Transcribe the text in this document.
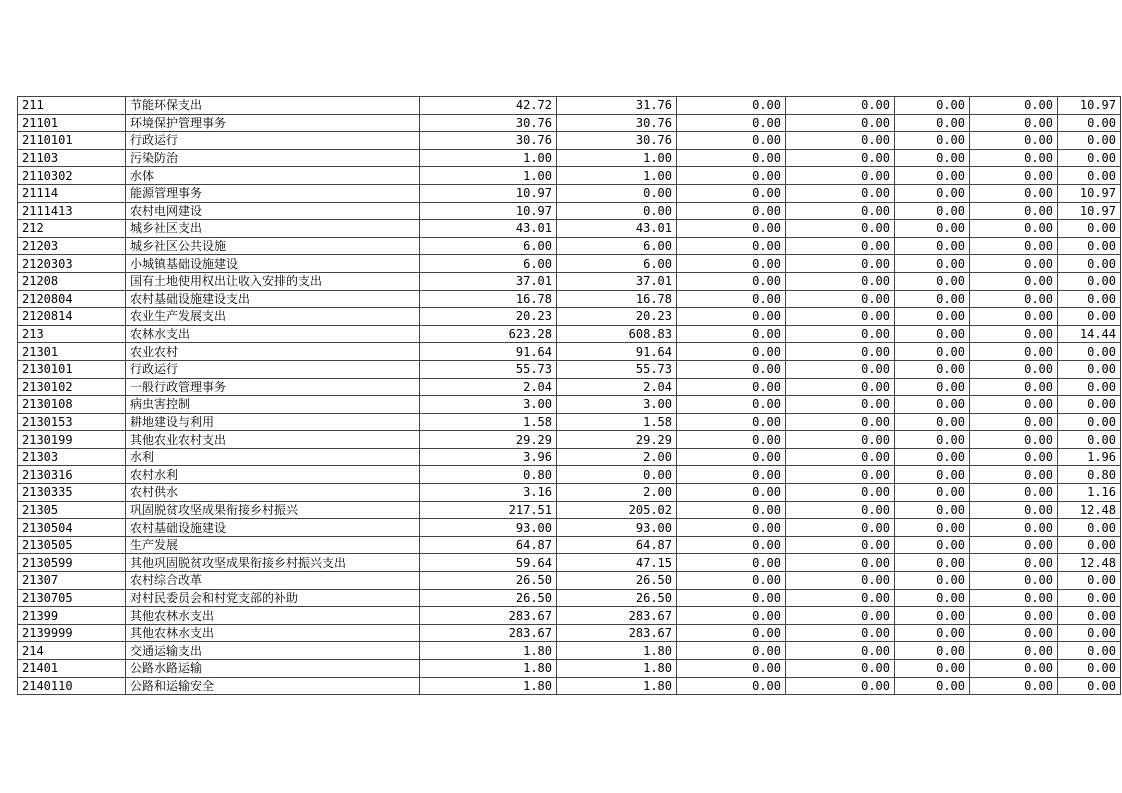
211	节能环保支出	42.72	31.76	0.00	0.00	0.00	0.00	10.97
21101	环境保护管理事务	30.76	30.76	0.00	0.00	0.00	0.00	0.00
2110101	行政运行	30.76	30.76	0.00	0.00	0.00	0.00	0.00
21103	污染防治	1.00	1.00	0.00	0.00	0.00	0.00	0.00
2110302	水体	1.00	1.00	0.00	0.00	0.00	0.00	0.00
21114	能源管理事务	10.97	0.00	0.00	0.00	0.00	0.00	10.97
2111413	农村电网建设	10.97	0.00	0.00	0.00	0.00	0.00	10.97
212	城乡社区支出	43.01	43.01	0.00	0.00	0.00	0.00	0.00
21203	城乡社区公共设施	6.00	6.00	0.00	0.00	0.00	0.00	0.00
2120303	小城镇基础设施建设	6.00	6.00	0.00	0.00	0.00	0.00	0.00
21208	国有土地使用权出让收入安排的支出	37.01	37.01	0.00	0.00	0.00	0.00	0.00
2120804	农村基础设施建设支出	16.78	16.78	0.00	0.00	0.00	0.00	0.00
2120814	农业生产发展支出	20.23	20.23	0.00	0.00	0.00	0.00	0.00
213	农林水支出	623.28	608.83	0.00	0.00	0.00	0.00	14.44
21301	农业农村	91.64	91.64	0.00	0.00	0.00	0.00	0.00
2130101	行政运行	55.73	55.73	0.00	0.00	0.00	0.00	0.00
2130102	一般行政管理事务	2.04	2.04	0.00	0.00	0.00	0.00	0.00
2130108	病虫害控制	3.00	3.00	0.00	0.00	0.00	0.00	0.00
2130153	耕地建设与利用	1.58	1.58	0.00	0.00	0.00	0.00	0.00
2130199	其他农业农村支出	29.29	29.29	0.00	0.00	0.00	0.00	0.00
21303	水利	3.96	2.00	0.00	0.00	0.00	0.00	1.96
2130316	农村水利	0.80	0.00	0.00	0.00	0.00	0.00	0.80
2130335	农村供水	3.16	2.00	0.00	0.00	0.00	0.00	1.16
21305	巩固脱贫攻坚成果衔接乡村振兴	217.51	205.02	0.00	0.00	0.00	0.00	12.48
2130504	农村基础设施建设	93.00	93.00	0.00	0.00	0.00	0.00	0.00
2130505	生产发展	64.87	64.87	0.00	0.00	0.00	0.00	0.00
2130599	其他巩固脱贫攻坚成果衔接乡村振兴支出	59.64	47.15	0.00	0.00	0.00	0.00	12.48
21307	农村综合改革	26.50	26.50	0.00	0.00	0.00	0.00	0.00
2130705	对村民委员会和村党支部的补助	26.50	26.50	0.00	0.00	0.00	0.00	0.00
21399	其他农林水支出	283.67	283.67	0.00	0.00	0.00	0.00	0.00
2139999	其他农林水支出	283.67	283.67	0.00	0.00	0.00	0.00	0.00
214	交通运输支出	1.80	1.80	0.00	0.00	0.00	0.00	0.00
21401	公路水路运输	1.80	1.80	0.00	0.00	0.00	0.00	0.00
2140110	公路和运输安全	1.80	1.80	0.00	0.00	0.00	0.00	0.00
